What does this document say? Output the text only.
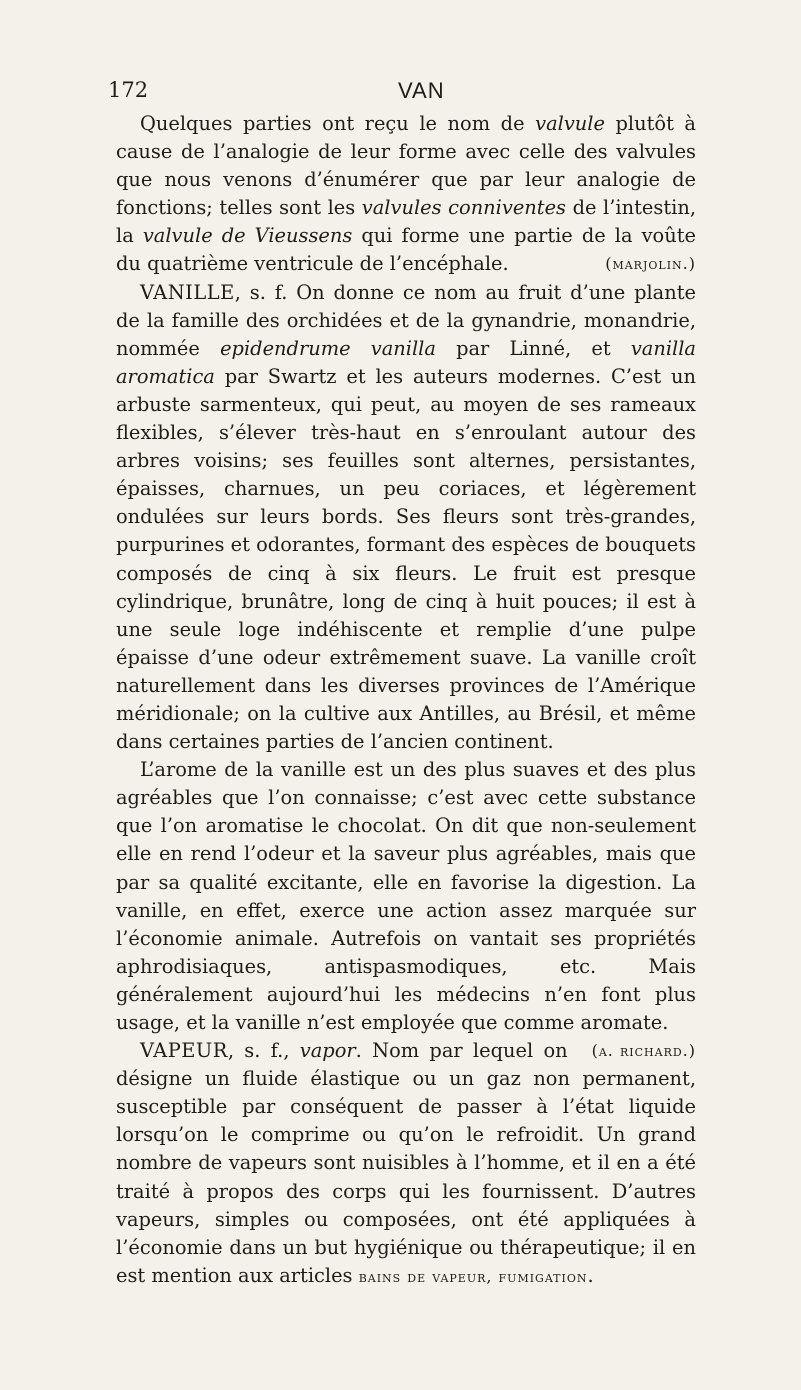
172	VAN

Quelques parties ont reçu le nom de valvule plutôt à cause de l’analogie de leur forme avec celle des valvules que nous venons d’énumérer que par leur analogie de fonctions; telles sont les valvules conniventes de l’intestin, la valvule de Vieussens qui forme une partie de la voûte du quatrième ventricule de l’encéphale.	(marjolin.)

VANILLE, s. f. On donne ce nom au fruit d’une plante de la famille des orchidées et de la gynandrie, monandrie, nommée epidendrume vanilla par Linné, et vanilla aromatica par Swartz et les auteurs modernes. C’est un arbuste sarmenteux, qui peut, au moyen de ses rameaux flexibles, s’élever très-haut en s’enroulant autour des arbres voisins; ses feuilles sont alternes, persistantes, épaisses, charnues, un peu coriaces, et légèrement ondulées sur leurs bords. Ses fleurs sont très-grandes, purpurines et odorantes, formant des espèces de bouquets composés de cinq à six fleurs. Le fruit est presque cylindrique, brunâtre, long de cinq à huit pouces; il est à une seule loge indéhiscente et remplie d’une pulpe épaisse d’une odeur extrêmement suave. La vanille croît naturellement dans les diverses provinces de l’Amérique méridionale; on la cultive aux Antilles, au Brésil, et même dans certaines parties de l’ancien continent.

L’arome de la vanille est un des plus suaves et des plus agréables que l’on connaisse; c’est avec cette substance que l’on aromatise le chocolat. On dit que non-seulement elle en rend l’odeur et la saveur plus agréables, mais que par sa qualité excitante, elle en favorise la digestion. La vanille, en effet, exerce une action assez marquée sur l’économie animale. Autrefois on vantait ses propriétés aphrodisiaques, antispasmodiques, etc. Mais généralement aujourd’hui les médecins n’en font plus usage, et la vanille n’est employée que comme aromate.
(a. richard.)

VAPEUR, s. f., vapor. Nom par lequel on désigne un fluide élastique ou un gaz non permanent, susceptible par conséquent de passer à l’état liquide lorsqu’on le comprime ou qu’on le refroidit. Un grand nombre de vapeurs sont nuisibles à l’homme, et il en a été traité à propos des corps qui les fournissent. D’autres vapeurs, simples ou composées, ont été appliquées à l’économie dans un but hygiénique ou thérapeutique; il en est mention aux articles bains de vapeur, fumigation.
